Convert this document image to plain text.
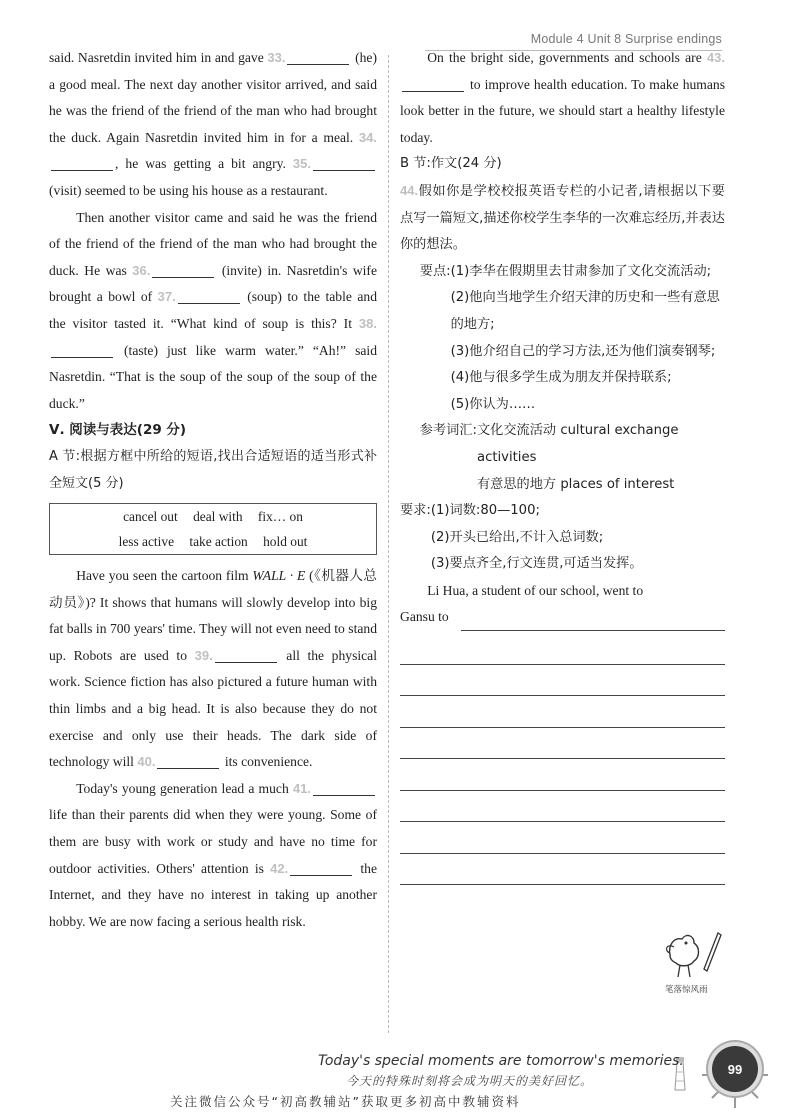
Module 4 Unit 8 Surprise endings

said. Nasretdin invited him in and gave 33.	(he) a good meal. The next day another visitor arrived, and said he was the friend of the friend of the man who had brought the duck. Again Nasretdin invited him in for a meal. 34., he was getting a bit angry. 35. (visit) seemed to be using his house as a restaurant.

Then another visitor came and said he was the friend of the friend of the friend of the man who had brought the duck. He was 36.	(invite) in. Nasretdin's wife brought a bowl of 37.	(soup) to the table and the visitor tasted it. “What kind of soup is this? It 38. (taste) just like warm water.” “Ah!” said Nasretdin. “That is the soup of the soup of the soup of the duck.”

Ⅴ. 阅读与表达(29 分)

A 节:根据方框中所给的短语,找出合适短语的适当形式补全短文(5 分)

cancel out deal with fix… on
less active take action hold out

Have you seen the cartoon film WALL · E (《机器人总动员》)? It shows that humans will slowly develop into big fat balls in 700 years' time. They will not even need to stand up. Robots are used to 39.	all the physical work. Science fiction has also pictured a future human with thin limbs and a big head. It is also because they do not exercise and only use their heads. The dark side of technology will 40.	its convenience.

Today's young generation lead a much 41. life than their parents did when they were young. Some of them are busy with work or study and have no time for outdoor activities. Others' attention is 42.	the Internet, and they have no interest in taking up another hobby. We are now facing a serious health risk.

On the bright side, governments and schools are 43. to improve health education. To make humans look better in the future, we should start a healthy lifestyle today.

B 节:作文(24 分)

44.假如你是学校校报英语专栏的小记者,请根据以下要点写一篇短文,描述你校学生李华的一次难忘经历,并表达你的想法。

要点: (1)李华在假期里去甘肃参加了文化交流活动;
(2)他向当地学生介绍天津的历史和一些有意思的地方;
(3)他介绍自己的学习方法,还为他们演奏钢琴;
(4)他与很多学生成为朋友并保持联系;
(5)你认为……
参考词汇: 文化交流活动 cultural exchange activities
有意思的地方 places of interest
要求: (1)词数:80—100;
(2)开头已给出,不计入总词数;
(3)要点齐全,行文连贯,可适当发挥。

Li Hua, a student of our school, went to

Gansu to
笔落惊风雨
99
Today's special moments are tomorrow's memories.
今天的特殊时刻将会成为明天的美好回忆。
关注微信公众号“初高教辅站”获取更多初高中教辅资料
